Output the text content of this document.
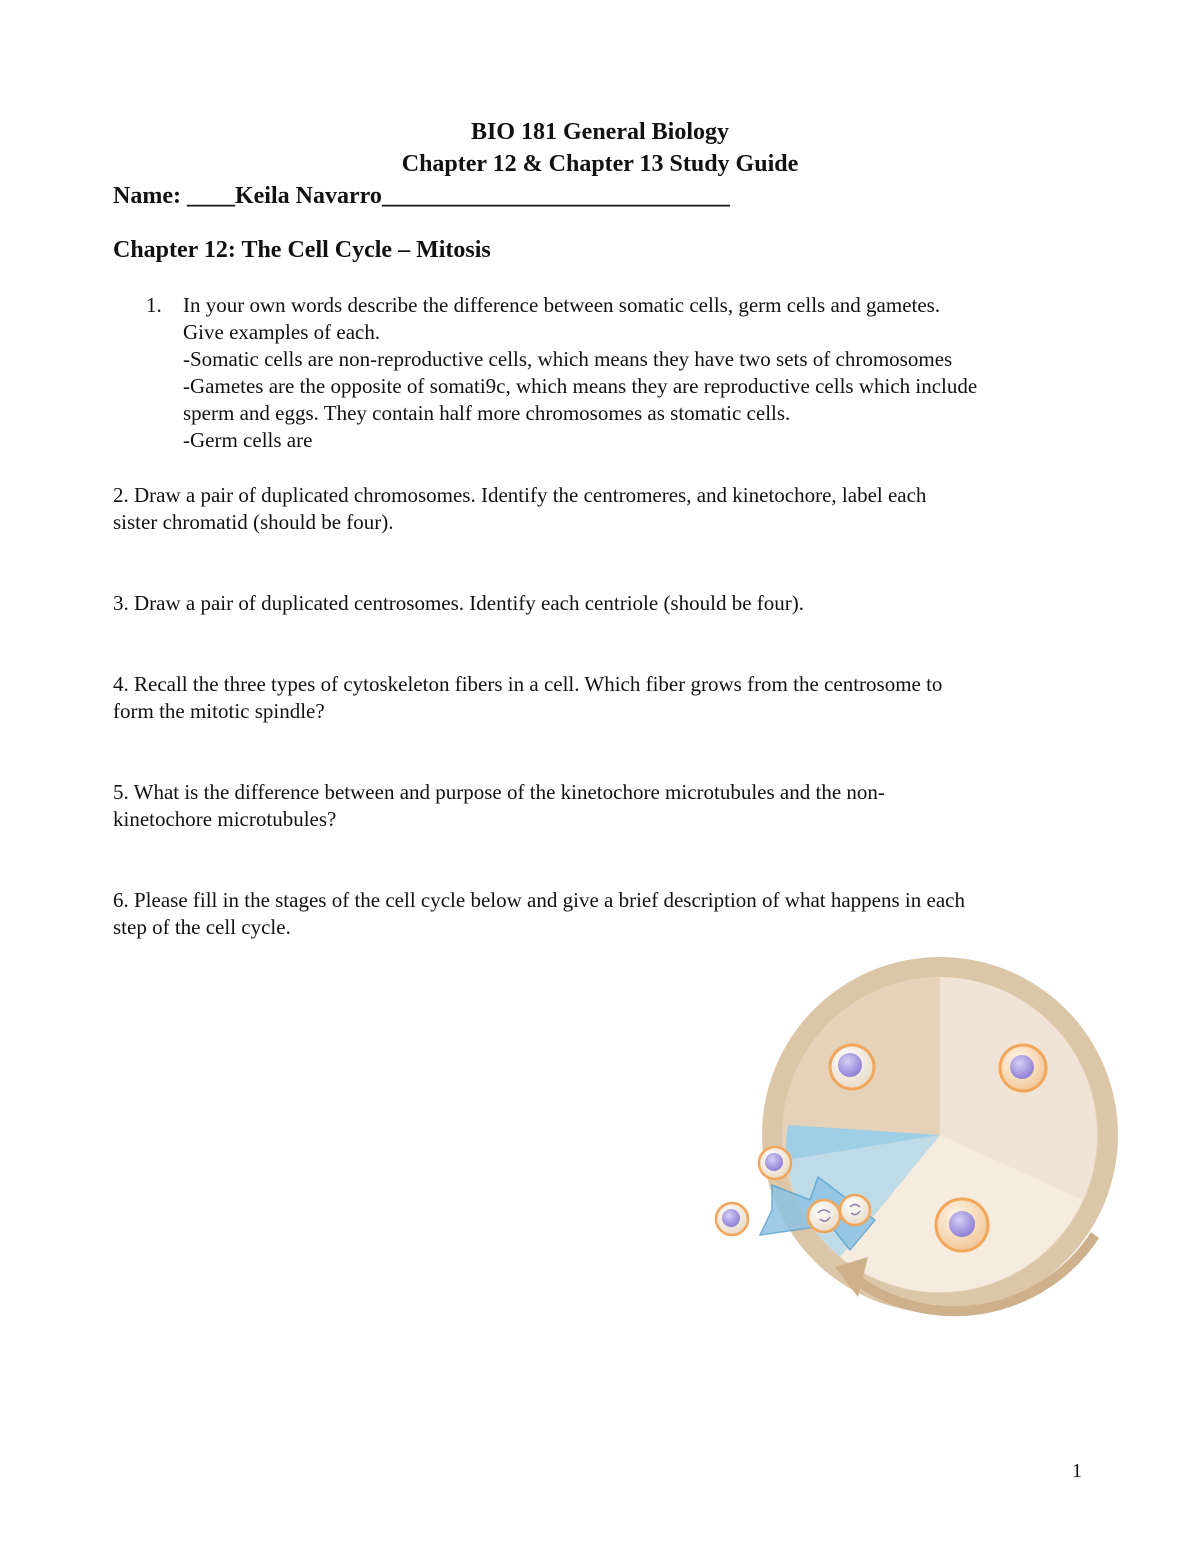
BIO 181 General Biology
Chapter 12 & Chapter 13 Study Guide
Name: ____Keila Navarro_____________________________
Chapter 12: The Cell Cycle – Mitosis
1. In your own words describe the difference between somatic cells, germ cells and gametes.
Give examples of each.
-Somatic cells are non-reproductive cells, which means they have two sets of chromosomes
-Gametes are the opposite of somati9c, which means they are reproductive cells which include
sperm and eggs. They contain half more chromosomes as stomatic cells.
-Germ cells are
2. Draw a pair of duplicated chromosomes. Identify the centromeres, and kinetochore, label each
sister chromatid (should be four).
3. Draw a pair of duplicated centrosomes. Identify each centriole (should be four).
4. Recall the three types of cytoskeleton fibers in a cell. Which fiber grows from the centrosome to
form the mitotic spindle?
5. What is the difference between and purpose of the kinetochore microtubules and the non-
kinetochore microtubules?
6. Please fill in the stages of the cell cycle below and give a brief description of what happens in each
step of the cell cycle.
1
